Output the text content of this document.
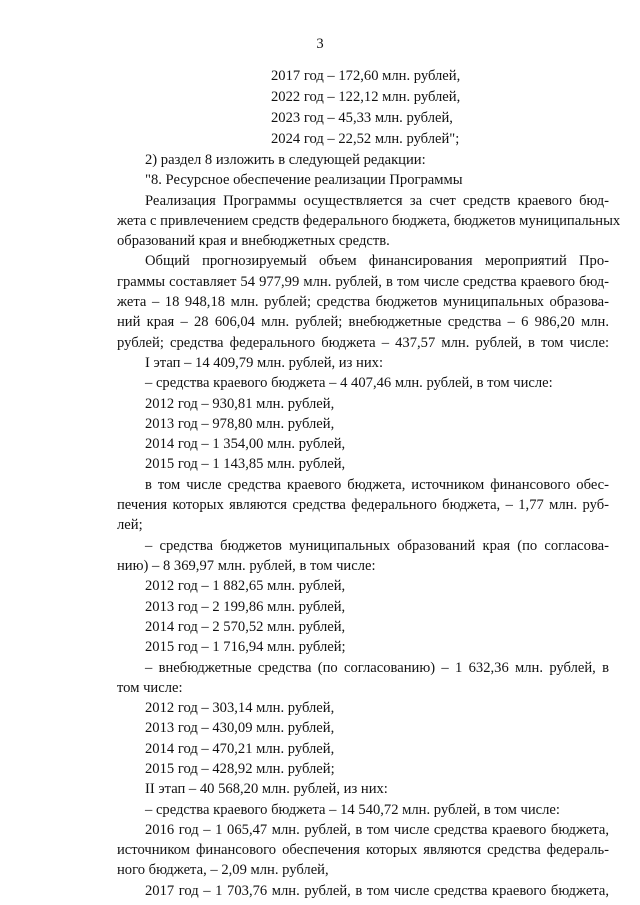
3
2017 год – 172,60 млн. рублей,
2022 год – 122,12 млн. рублей,
2023 год – 45,33 млн. рублей,
2024 год – 22,52 млн. рублей";
2) раздел 8 изложить в следующей редакции:
"8. Ресурсное обеспечение реализации Программы
Реализация Программы осуществляется за счет средств краевого бюд-
жета с привлечением средств федерального бюджета, бюджетов муниципальных
образований края и внебюджетных средств.
Общий прогнозируемый объем финансирования мероприятий Про-
граммы составляет 54 977,99 млн. рублей, в том числе средства краевого бюд-
жета – 18 948,18 млн. рублей; средства бюджетов муниципальных образова-
ний края – 28 606,04 млн. рублей; внебюджетные средства – 6 986,20 млн.
рублей; средства федерального бюджета – 437,57 млн. рублей, в том числе:
I этап – 14 409,79 млн. рублей, из них:
– средства краевого бюджета – 4 407,46 млн. рублей, в том числе:
2012 год – 930,81 млн. рублей,
2013 год – 978,80 млн. рублей,
2014 год – 1 354,00 млн. рублей,
2015 год – 1 143,85 млн. рублей,
в том числе средства краевого бюджета, источником финансового обес-
печения которых являются средства федерального бюджета, – 1,77 млн. руб-
лей;
– средства бюджетов муниципальных образований края (по согласова-
нию) – 8 369,97 млн. рублей, в том числе:
2012 год – 1 882,65 млн. рублей,
2013 год – 2 199,86 млн. рублей,
2014 год – 2 570,52 млн. рублей,
2015 год – 1 716,94 млн. рублей;
– внебюджетные средства (по согласованию) – 1 632,36 млн. рублей, в
том числе:
2012 год – 303,14 млн. рублей,
2013 год – 430,09 млн. рублей,
2014 год – 470,21 млн. рублей,
2015 год – 428,92 млн. рублей;
II этап – 40 568,20 млн. рублей, из них:
– средства краевого бюджета – 14 540,72 млн. рублей, в том числе:
2016 год – 1 065,47 млн. рублей, в том числе средства краевого бюджета,
источником финансового обеспечения которых являются средства федераль-
ного бюджета, – 2,09 млн. рублей,
2017 год – 1 703,76 млн. рублей, в том числе средства краевого бюджета,
